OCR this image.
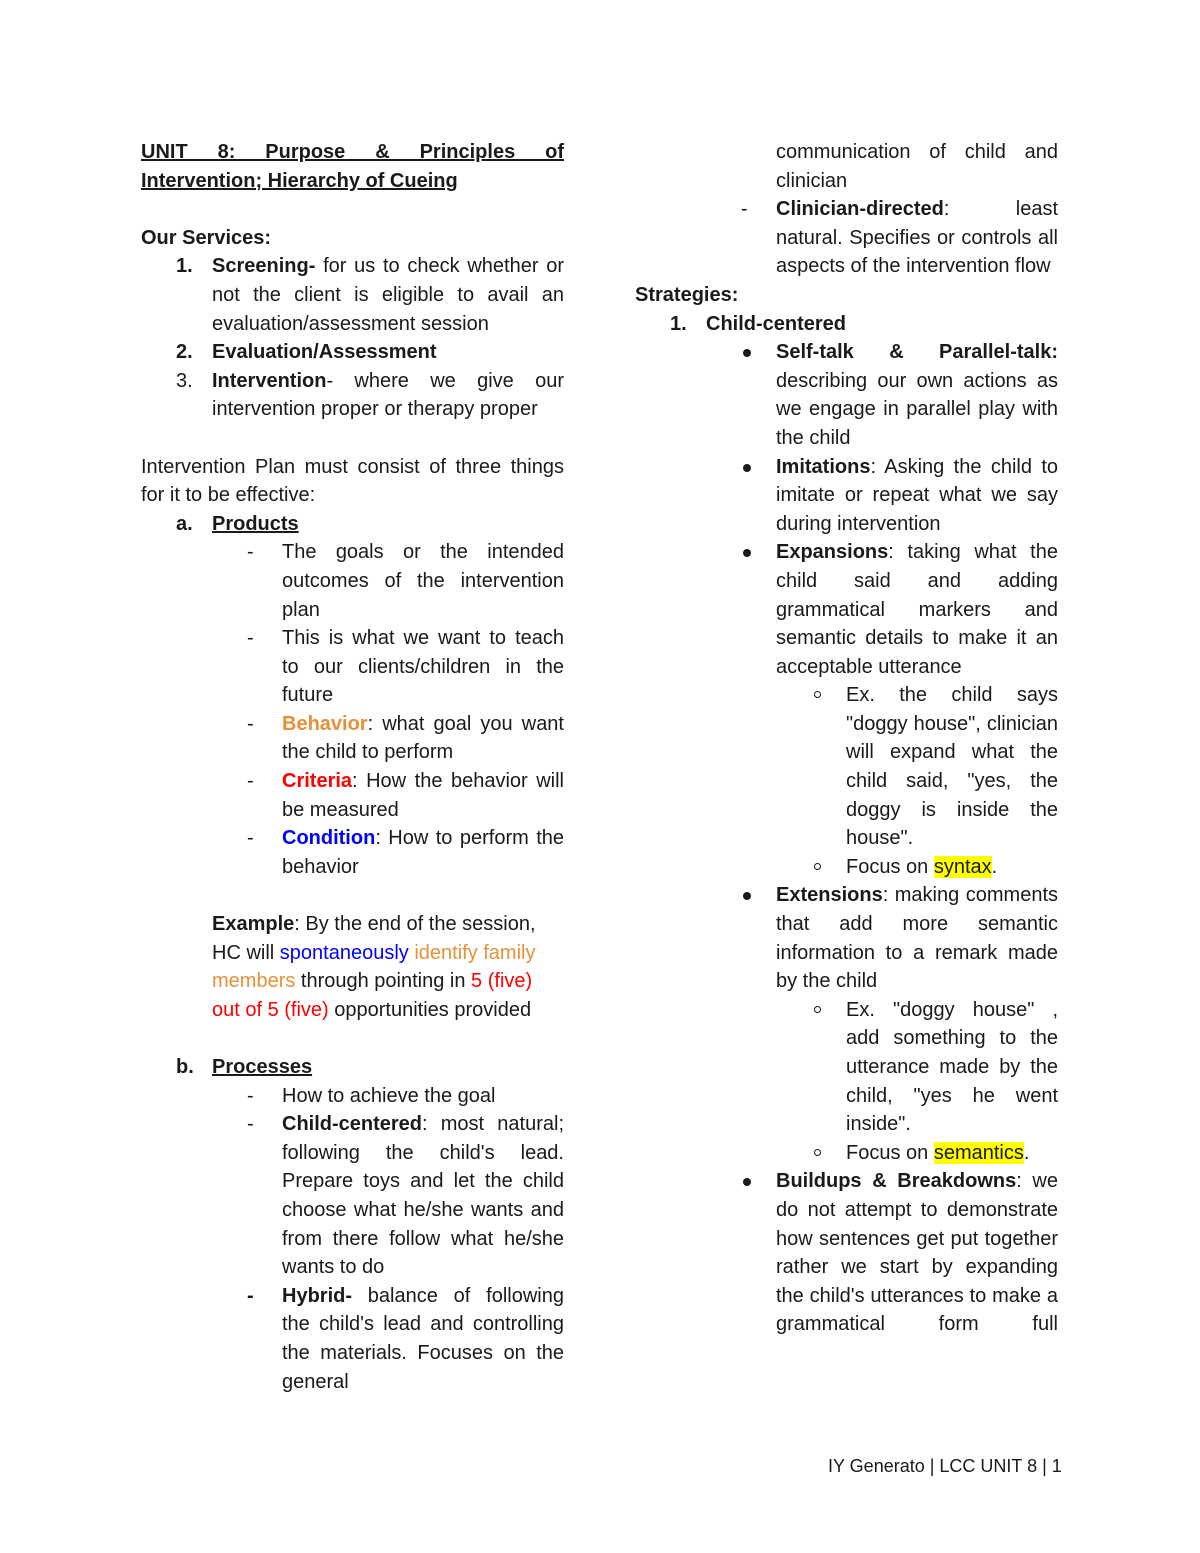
UNIT 8: Purpose & Principles of Intervention; Hierarchy of Cueing

Our Services:

1. Screening- for us to check whether or not the client is eligible to avail an evaluation/assessment session
2. Evaluation/Assessment
3. Intervention- where we give our intervention proper or therapy proper

Intervention Plan must consist of three things for it to be effective:

a. Products
- The goals or the intended outcomes of the intervention plan
- This is what we want to teach to our clients/children in the future
- Behavior: what goal you want the child to perform
- Criteria: How the behavior will be measured
- Condition: How to perform the behavior
Example: By the end of the session, HC will spontaneously identify family members through pointing in 5 (five) out of 5 (five) opportunities provided
b. Processes
- How to achieve the goal
- Child-centered: most natural; following the child's lead. Prepare toys and let the child choose what he/she wants and from there follow what he/she wants to do
- Hybrid- balance of following the child's lead and controlling the materials. Focuses on the general
communication of child and clinician
- Clinician-directed: least natural. Specifies or controls all aspects of the intervention flow

Strategies:

1. Child-centered
Self-talk & Parallel-talk: describing our own actions as we engage in parallel play with the child
Imitations: Asking the child to imitate or repeat what we say during intervention
Expansions: taking what the child said and adding grammatical markers and semantic details to make it an acceptable utterance
Ex. the child says "doggy house", clinician will expand what the child said, "yes, the doggy is inside the house".
Focus on syntax.
Extensions: making comments that add more semantic information to a remark made by the child
Ex. "doggy house" , add something to the utterance made by the child, "yes he went inside".
Focus on semantics.
Buildups & Breakdowns: we do not attempt to demonstrate how sentences get put together rather we start by expanding the child's utterances to make a grammatical form full
IY Generato | LCC UNIT 8 | 1
